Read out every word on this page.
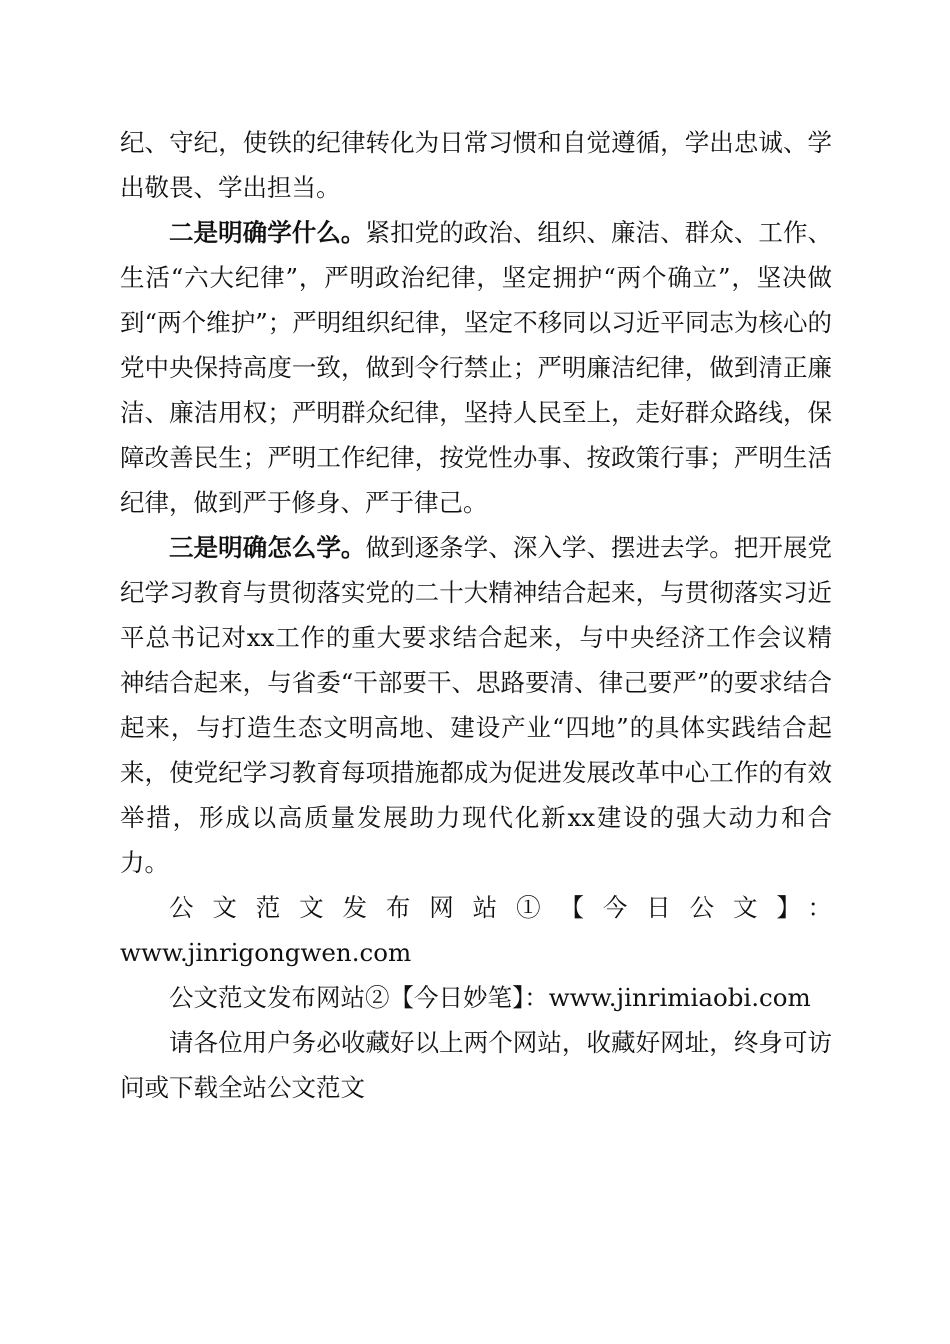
纪、守纪，使铁的纪律转化为日常习惯和自觉遵循，学出忠诚、学出敬畏、学出担当。

二是明确学什么。紧扣党的政治、组织、廉洁、群众、工作、生活“六大纪律”，严明政治纪律，坚定拥护“两个确立”，坚决做到“两个维护”；严明组织纪律，坚定不移同以习近平同志为核心的党中央保持高度一致，做到令行禁止；严明廉洁纪律，做到清正廉洁、廉洁用权；严明群众纪律，坚持人民至上，走好群众路线，保障改善民生；严明工作纪律，按党性办事、按政策行事；严明生活纪律，做到严于修身、严于律己。

三是明确怎么学。做到逐条学、深入学、摆进去学。把开展党纪学习教育与贯彻落实党的二十大精神结合起来，与贯彻落实习近平总书记对xx工作的重大要求结合起来，与中央经济工作会议精神结合起来，与省委“干部要干、思路要清、律己要严”的要求结合起来，与打造生态文明高地、建设产业“四地”的具体实践结合起来，使党纪学习教育每项措施都成为促进发展改革中心工作的有效举措，形成以高质量发展助力现代化新xx建设的强大动力和合力。

公文范文发布网站①【今日公文】：

www.jinrigongwen.com

公文范文发布网站②【今日妙笔】：www.jinrimiaobi.com

请各位用户务必收藏好以上两个网站，收藏好网址，终身可访问或下载全站公文范文
